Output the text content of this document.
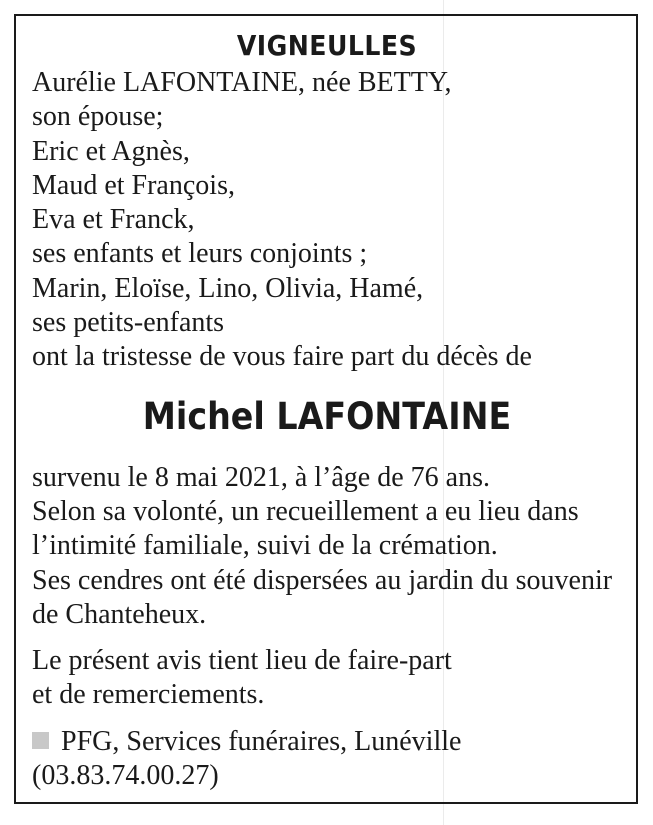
VIGNEULLES
Aurélie LAFONTAINE, née BETTY,
son épouse;
Eric et Agnès,
Maud et François,
Eva et Franck,
ses enfants et leurs conjoints ;
Marin, Eloïse, Lino, Olivia, Hamé,
ses petits-enfants
ont la tristesse de vous faire part du décès de
Michel LAFONTAINE
survenu le 8 mai 2021, à l’âge de 76 ans.
Selon sa volonté, un recueillement a eu lieu dans
l’intimité familiale, suivi de la crémation.
Ses cendres ont été dispersées au jardin du souvenir
de Chanteheux.
Le présent avis tient lieu de faire-part
et de remerciements.
PFG, Services funéraires, Lunéville
(03.83.74.00.27)
